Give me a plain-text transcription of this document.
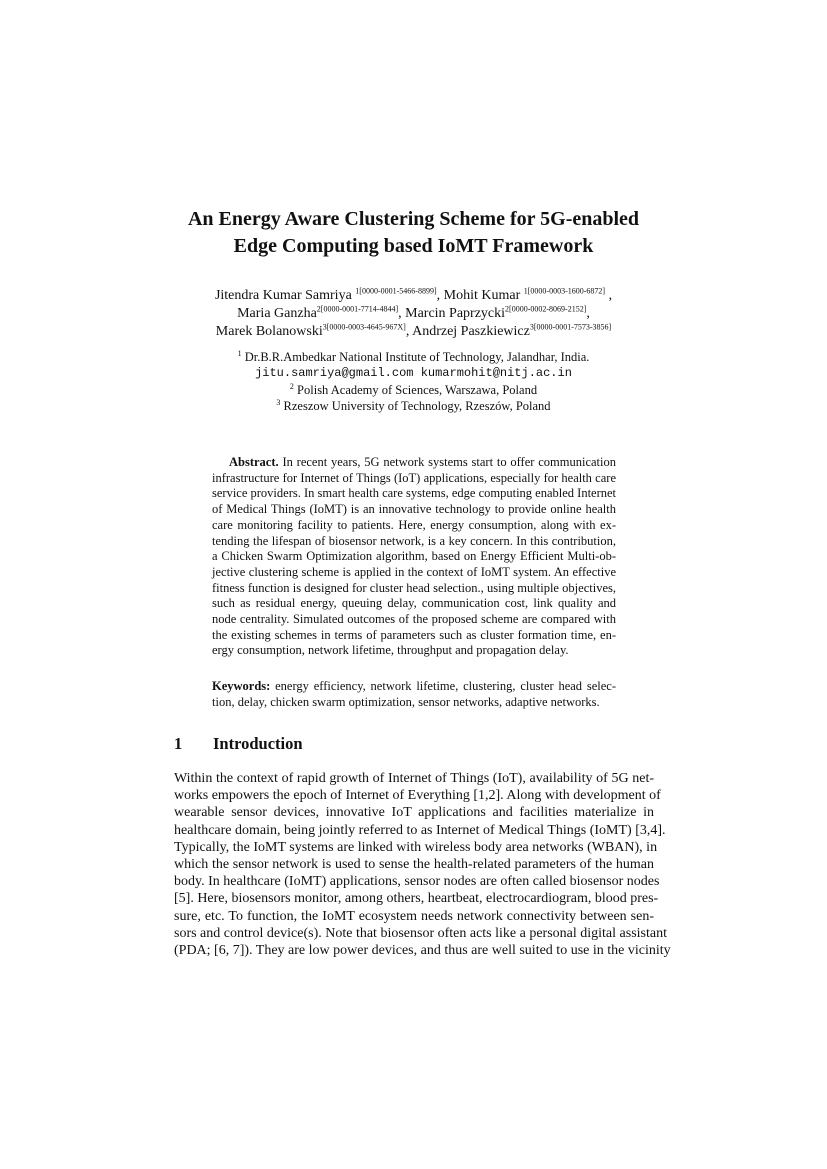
An Energy Aware Clustering Scheme for 5G-enabled
Edge Computing based IoMT Framework
Jitendra Kumar Samriya $^{1[0000-0001-5466-8899]}$, Mohit Kumar $^{1[0000-0003-1600-6872]}$ ,
Maria Ganzha$^{2[0000-0001-7714-4844]}$, Marcin Paprzycki$^{2[0000-0002-8069-2152]}$,
Marek Bolanowski$^{3[0000-0003-4645-967X]}$, Andrzej Paszkiewicz$^{3[0000-0001-7573-3856]}$
$^1$ Dr.B.R.Ambedkar National Institute of Technology, Jalandhar, India.
jitu.samriya@gmail.com kumarmohit@nitj.ac.in
$^2$ Polish Academy of Sciences, Warszawa, Poland
$^3$ Rzeszow University of Technology, Rzeszów, Poland
Abstract. In recent years, 5G network systems start to offer communication
infrastructure for Internet of Things (IoT) applications, especially for health care
service providers. In smart health care systems, edge computing enabled Internet
of Medical Things (IoMT) is an innovative technology to provide online health
care monitoring facility to patients. Here, energy consumption, along with ex-
tending the lifespan of biosensor network, is a key concern. In this contribution,
a Chicken Swarm Optimization algorithm, based on Energy Efficient Multi-ob-
jective clustering scheme is applied in the context of IoMT system. An effective
fitness function is designed for cluster head selection., using multiple objectives,
such as residual energy, queuing delay, communication cost, link quality and
node centrality. Simulated outcomes of the proposed scheme are compared with
the existing schemes in terms of parameters such as cluster formation time, en-
ergy consumption, network lifetime, throughput and propagation delay.
Keywords: energy efficiency, network lifetime, clustering, cluster head selec-
tion, delay, chicken swarm optimization, sensor networks, adaptive networks.
1 Introduction
Within the context of rapid growth of Internet of Things (IoT), availability of 5G net-
works empowers the epoch of Internet of Everything [1,2]. Along with development of
wearable sensor devices, innovative IoT applications and facilities materialize in
healthcare domain, being jointly referred to as Internet of Medical Things (IoMT) [3,4].
Typically, the IoMT systems are linked with wireless body area networks (WBAN), in
which the sensor network is used to sense the health-related parameters of the human
body. In healthcare (IoMT) applications, sensor nodes are often called biosensor nodes
[5]. Here, biosensors monitor, among others, heartbeat, electrocardiogram, blood pres-
sure, etc. To function, the IoMT ecosystem needs network connectivity between sen-
sors and control device(s). Note that biosensor often acts like a personal digital assistant
(PDA; [6, 7]). They are low power devices, and thus are well suited to use in the vicinity
